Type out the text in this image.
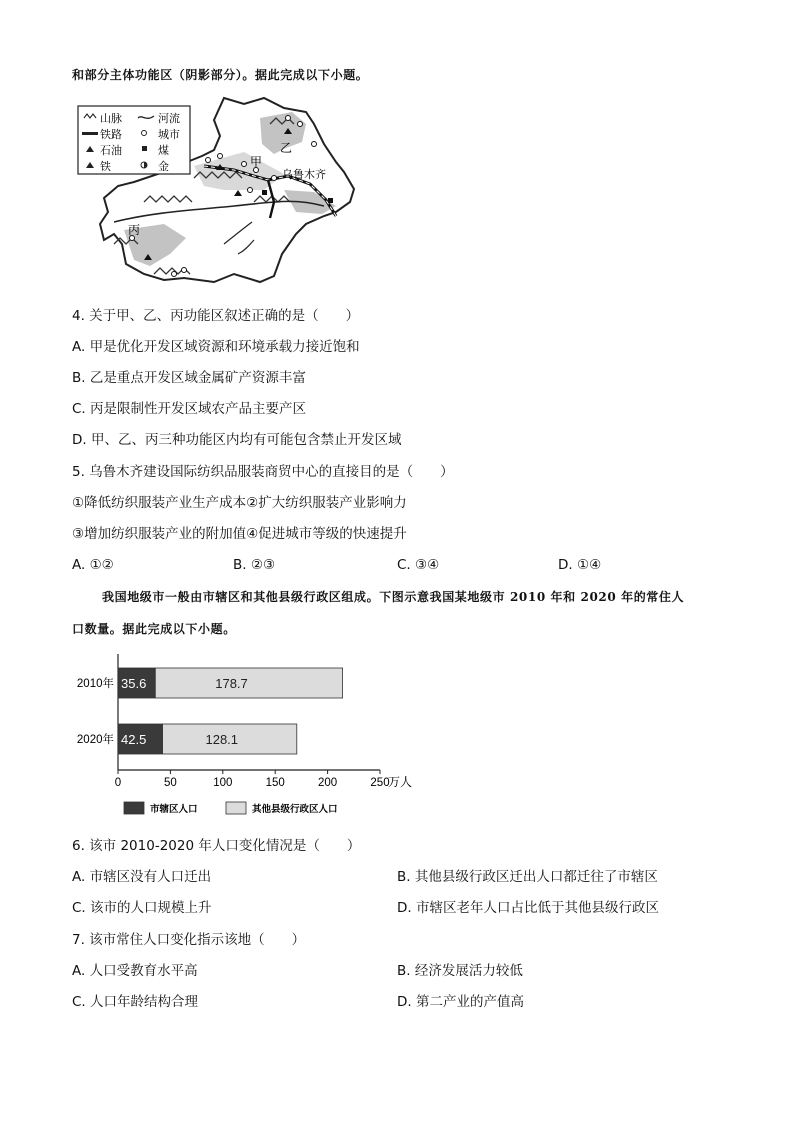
和部分主体功能区（阴影部分）。据此完成以下小题。
山脉	河流
铁路	城市
石油	煤
铁	金
乙
甲
乌鲁木齐
丙
4. 关于甲、乙、丙功能区叙述正确的是（　　）
A. 甲是优化开发区域资源和环境承载力接近饱和
B. 乙是重点开发区域金属矿产资源丰富
C. 丙是限制性开发区域农产品主要产区
D. 甲、乙、丙三种功能区内均有可能包含禁止开发区域
5. 乌鲁木齐建设国际纺织品服装商贸中心的直接目的是（　　）
①降低纺织服装产业生产成本②扩大纺织服装产业影响力
③增加纺织服装产业的附加值④促进城市等级的快速提升
A. ①②	B. ②③	C. ③④	D. ①④
我国地级市一般由市辖区和其他县级行政区组成。下图示意我国某地级市 2010 年和 2020 年的常住人
口数量。据此完成以下小题。
2010年 35.6	178.7
2020年 42.5	128.1
0	50	100	150	200	250
万人
市辖区人口	其他县级行政区人口
6. 该市 2010-2020 年人口变化情况是（　　）
A. 市辖区没有人口迁出	B. 其他县级行政区迁出人口都迁往了市辖区
C. 该市的人口规模上升	D. 市辖区老年人口占比低于其他县级行政区
7. 该市常住人口变化指示该地（　　）
A. 人口受教育水平高	B. 经济发展活力较低
C. 人口年龄结构合理	D. 第二产业的产值高
